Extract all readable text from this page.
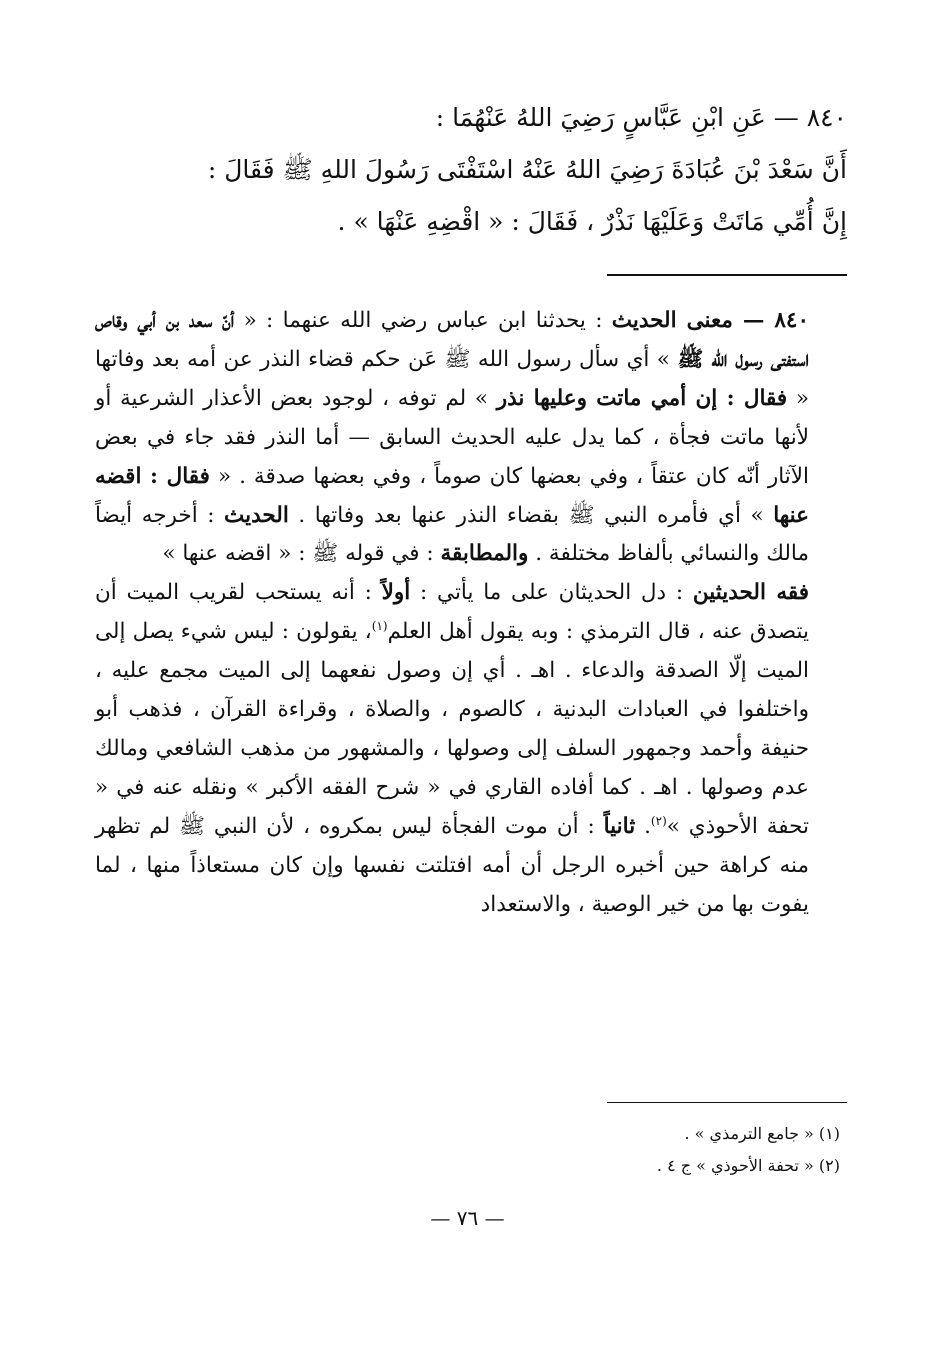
٨٤٠ — عَنِ ابْنِ عَبَّاسٍ رَضِيَ اللهُ عَنْهُمَا :

أَنَّ سَعْدَ بْنَ عُبَادَةَ رَضِيَ اللهُ عَنْهُ اسْتَفْتَى رَسُولَ اللهِ ﷺ فَقَالَ :

إِنَّ أُمِّي مَاتَتْ وَعَلَيْهَا نَذْرٌ ، فَقَالَ : « اقْضِهِ عَنْهَا » .

٨٤٠ — معنى الحديث : يحدثنا ابن عباس رضي الله عنهما : « أنّ سعد بن أبي وقاص استفتى رسول الله ﷺ » أي سأل رسول الله ﷺ عَن حكم قضاء النذر عن أمه بعد وفاتها « فقال : إن أمي ماتت وعليها نذر » لم توفه ، لوجود بعض الأعذار الشرعية أو لأنها ماتت فجأة ، كما يدل عليه الحديث السابق — أما النذر فقد جاء في بعض الآثار أنّه كان عتقاً ، وفي بعضها كان صوماً ، وفي بعضها صدقة . « فقال : اقضه عنها » أي فأمره النبي ﷺ بقضاء النذر عنها بعد وفاتها . الحديث : أخرجه أيضاً مالك والنسائي بألفاظ مختلفة . والمطابقة : في قوله ﷺ : « اقضه عنها »

فقه الحديثين : دل الحديثان على ما يأتي : أولاً : أنه يستحب لقريب الميت أن يتصدق عنه ، قال الترمذي : وبه يقول أهل العلم$^{(١)}$، يقولون : ليس شيء يصل إلى الميت إلّا الصدقة والدعاء . اهـ . أي إن وصول نفعهما إلى الميت مجمع عليه ، واختلفوا في العبادات البدنية ، كالصوم ، والصلاة ، وقراءة القرآن ، فذهب أبو حنيفة وأحمد وجمهور السلف إلى وصولها ، والمشهور من مذهب الشافعي ومالك عدم وصولها . اهـ . كما أفاده القاري في « شرح الفقه الأكبر » ونقله عنه في « تحفة الأحوذي »$^{(٢)}$. ثانياً : أن موت الفجأة ليس بمكروه ، لأن النبي ﷺ لم تظهر منه كراهة حين أخبره الرجل أن أمه افتلتت نفسها وإن كان مستعاذاً منها ، لما يفوت بها من خير الوصية ، والاستعداد

(١) « جامع الترمذي » .

(٢) « تحفة الأحوذي » ج ٤ .

— ٧٦ —
